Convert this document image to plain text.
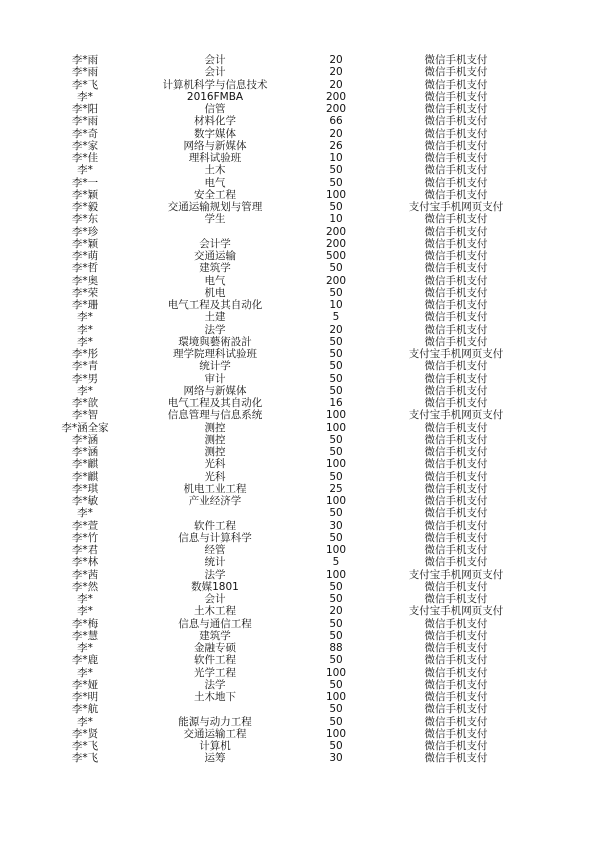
李*雨	会计	20	微信手机支付
李*雨	会计	20	微信手机支付
李*飞	计算机科学与信息技术	20	微信手机支付
李*	2016FMBA	200	微信手机支付
李*阳	信管	200	微信手机支付
李*雨	材料化学	66	微信手机支付
李*奇	数字媒体	20	微信手机支付
李*家	网络与新媒体	26	微信手机支付
李*佳	理科试验班	10	微信手机支付
李*	土木	50	微信手机支付
李*一	电气	50	微信手机支付
李*颖	安全工程	100	微信手机支付
李*毅	交通运输规划与管理	50	支付宝手机网页支付
李*东	学生	10	微信手机支付
李*珍		200	微信手机支付
李*颖	会计学	200	微信手机支付
李*萌	交通运输	500	微信手机支付
李*哲	建筑学	50	微信手机支付
李*奥	电气	200	微信手机支付
李*荣	机电	50	微信手机支付
李*珊	电气工程及其自动化	10	微信手机支付
李*	土建	5	微信手机支付
李*	法学	20	微信手机支付
李*	環境與藝術設計	50	微信手机支付
李*彤	理学院理科试验班	50	支付宝手机网页支付
李*青	统计学	50	微信手机支付
李*男	审计	50	微信手机支付
李*	网络与新媒体	50	微信手机支付
李*歆	电气工程及其自动化	16	微信手机支付
李*智	信息管理与信息系统	100	支付宝手机网页支付
李*涵全家	测控	100	微信手机支付
李*涵	测控	50	微信手机支付
李*涵	测控	50	微信手机支付
李*麒	光科	100	微信手机支付
李*麒	光科	50	微信手机支付
李*琪	机电工业工程	25	微信手机支付
李*敏	产业经济学	100	微信手机支付
李*		50	微信手机支付
李*萱	软件工程	30	微信手机支付
李*竹	信息与计算科学	50	微信手机支付
李*君	经管	100	微信手机支付
李*林	统计	5	微信手机支付
李*茜	法学	100	支付宝手机网页支付
李*然	数媒1801	50	微信手机支付
李*	会计	50	微信手机支付
李*	土木工程	20	支付宝手机网页支付
李*梅	信息与通信工程	50	微信手机支付
李*慧	建筑学	50	微信手机支付
李*	金融专硕	88	微信手机支付
李*鹿	软件工程	50	微信手机支付
李*	光学工程	100	微信手机支付
李*娅	法学	50	微信手机支付
李*明	土木地下	100	微信手机支付
李*航		50	微信手机支付
李*	能源与动力工程	50	微信手机支付
李*贤	交通运输工程	100	微信手机支付
李*飞	计算机	50	微信手机支付
李*飞	运筹	30	微信手机支付
